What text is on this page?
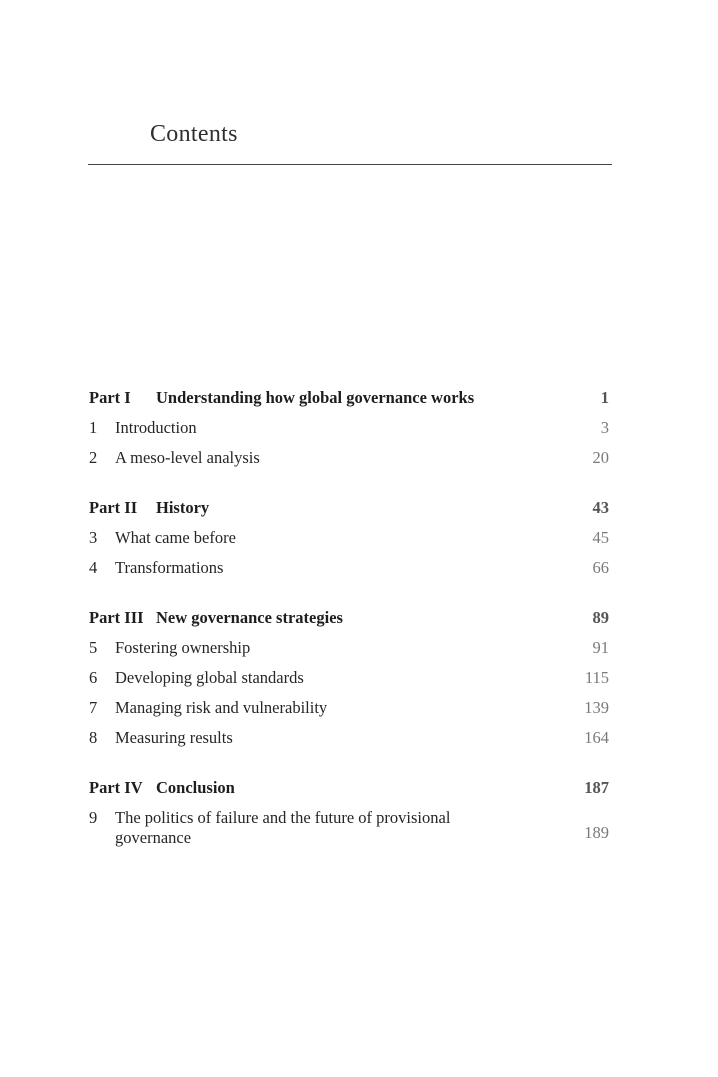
Contents
Part I Understanding how global governance works	1
1 Introduction	3
2 A meso-level analysis	20
Part II History	43
3 What came before	45
4 Transformations	66
Part III New governance strategies	89
5 Fostering ownership	91
6 Developing global standards	115
7 Managing risk and vulnerability	139
8 Measuring results	164
Part IV Conclusion	187
9 The politics of failure and the future of provisional governance	189
